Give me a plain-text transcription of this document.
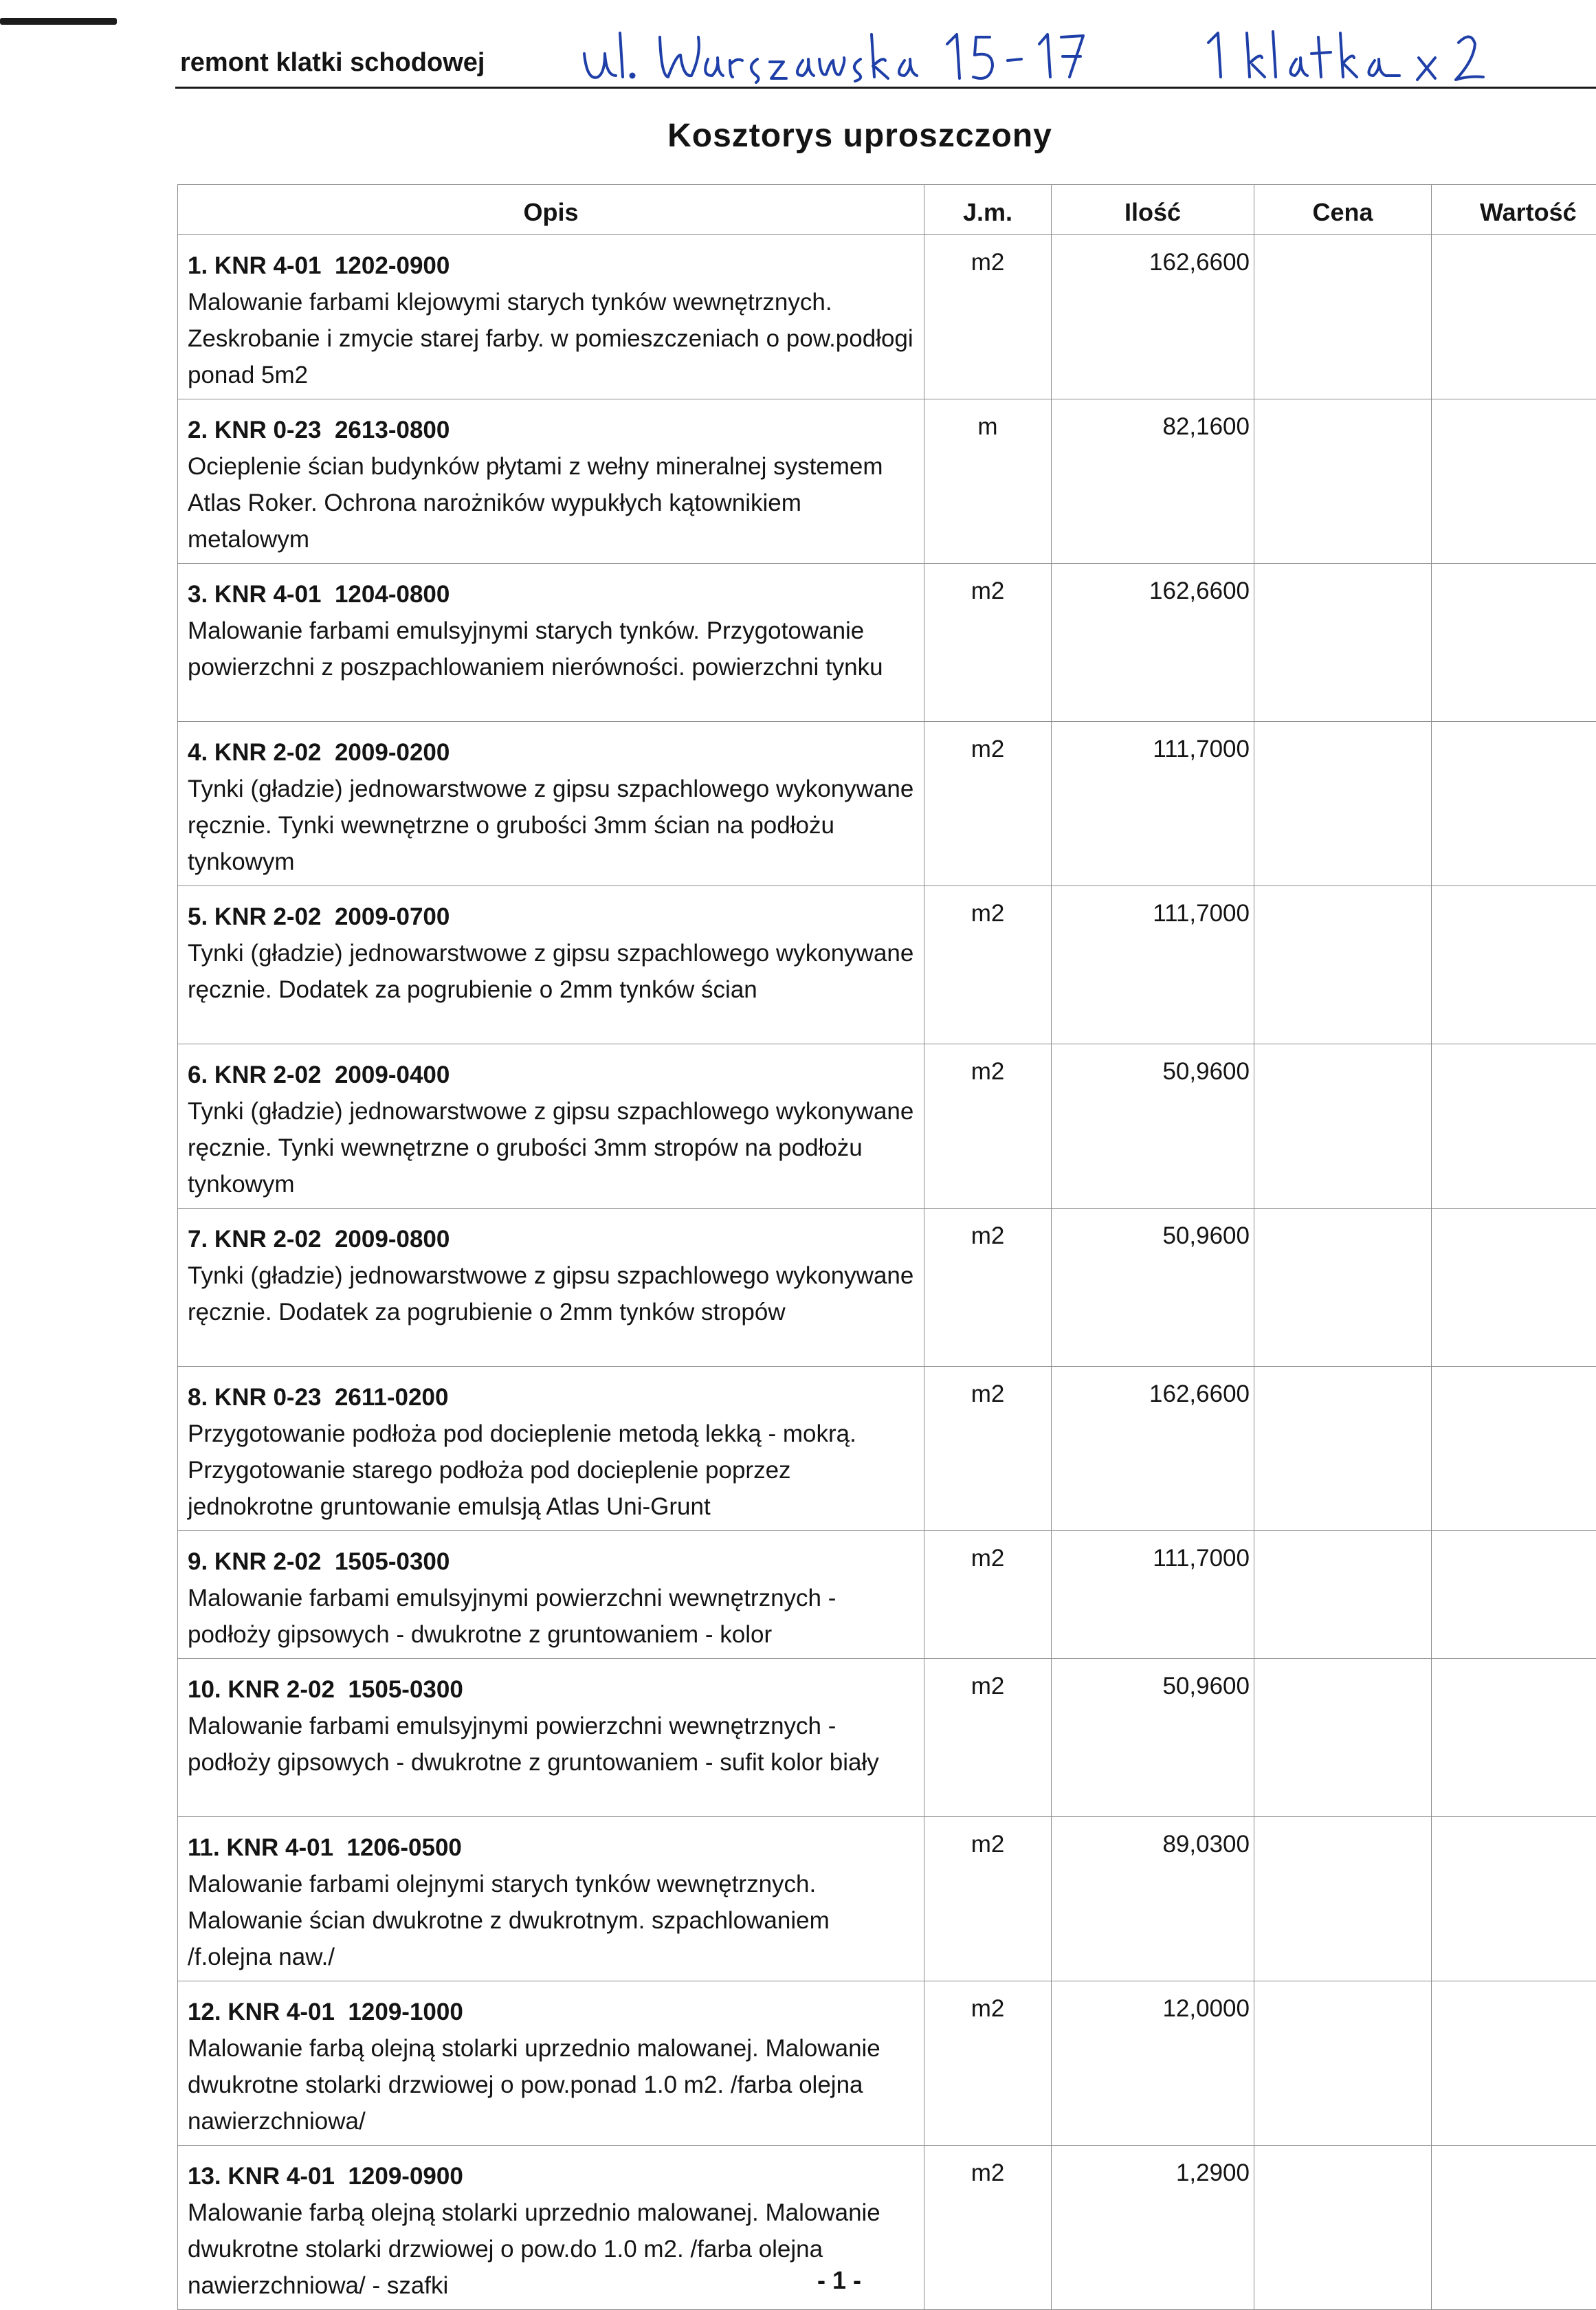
remont klatki schodowej
Kosztorys uproszczony
Opis	J.m.	Ilość	Cena	Wartość

1. KNR 4-01  1202-0900
Malowanie farbami klejowymi starych tynków wewnętrznych. Zeskrobanie i zmycie starej farby. w pomieszczeniach o pow.podłogi ponad 5m2	m2	162,6600		

2. KNR 0-23  2613-0800
Ocieplenie ścian budynków płytami z wełny mineralnej systemem Atlas Roker. Ochrona narożników wypukłych kątownikiem metalowym	m	82,1600		

3. KNR 4-01  1204-0800
Malowanie farbami emulsyjnymi starych tynków. Przygotowanie powierzchni z poszpachlowaniem nierówności. powierzchni tynku	m2	162,6600		

4. KNR 2-02  2009-0200
Tynki (gładzie) jednowarstwowe z gipsu szpachlowego wykonywane ręcznie. Tynki wewnętrzne o grubości 3mm ścian na podłożu tynkowym	m2	111,7000		

5. KNR 2-02  2009-0700
Tynki (gładzie) jednowarstwowe z gipsu szpachlowego wykonywane ręcznie. Dodatek za pogrubienie o 2mm tynków ścian	m2	111,7000		

6. KNR 2-02  2009-0400
Tynki (gładzie) jednowarstwowe z gipsu szpachlowego wykonywane ręcznie. Tynki wewnętrzne o grubości 3mm stropów na podłożu tynkowym	m2	50,9600		

7. KNR 2-02  2009-0800
Tynki (gładzie) jednowarstwowe z gipsu szpachlowego wykonywane ręcznie. Dodatek za pogrubienie o 2mm tynków stropów	m2	50,9600		

8. KNR 0-23  2611-0200
Przygotowanie podłoża pod docieplenie metodą lekką - mokrą. Przygotowanie starego podłoża pod docieplenie poprzez jednokrotne gruntowanie emulsją Atlas Uni-Grunt	m2	162,6600		

9. KNR 2-02  1505-0300
Malowanie farbami emulsyjnymi powierzchni wewnętrznych - podłoży gipsowych - dwukrotne z gruntowaniem - kolor	m2	111,7000		

10. KNR 2-02  1505-0300
Malowanie farbami emulsyjnymi powierzchni wewnętrznych - podłoży gipsowych - dwukrotne z gruntowaniem - sufit kolor biały	m2	50,9600		

11. KNR 4-01  1206-0500
Malowanie farbami olejnymi starych tynków wewnętrznych. Malowanie ścian dwukrotne z dwukrotnym. szpachlowaniem /f.olejna naw./	m2	89,0300		

12. KNR 4-01  1209-1000
Malowanie farbą olejną stolarki uprzednio malowanej. Malowanie dwukrotne stolarki drzwiowej o pow.ponad 1.0 m2. /farba olejna nawierzchniowa/	m2	12,0000		

13. KNR 4-01  1209-0900
Malowanie farbą olejną stolarki uprzednio malowanej. Malowanie dwukrotne stolarki drzwiowej o pow.do 1.0 m2. /farba olejna nawierzchniowa/ - szafki	m2	1,2900		
- 1 -
